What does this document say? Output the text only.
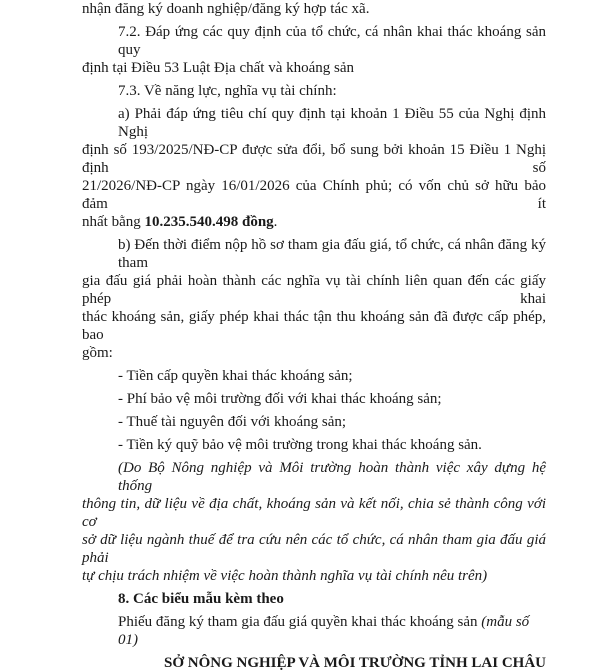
nhận đăng ký doanh nghiệp/đăng ký hợp tác xã.
7.2. Đáp ứng các quy định của tổ chức, cá nhân khai thác khoáng sản quy
định tại Điều 53 Luật Địa chất và khoáng sản
7.3. Về năng lực, nghĩa vụ tài chính:
a) Phải đáp ứng tiêu chí quy định tại khoản 1 Điều 55 của Nghị định Nghị
định số 193/2025/NĐ-CP được sửa đổi, bổ sung bởi khoản 15 Điều 1 Nghị định số
21/2026/NĐ-CP ngày 16/01/2026 của Chính phủ; có vốn chủ sở hữu bảo đảm ít
nhất bằng 10.235.540.498 đồng.
b) Đến thời điểm nộp hồ sơ tham gia đấu giá, tổ chức, cá nhân đăng ký tham
gia đấu giá phải hoàn thành các nghĩa vụ tài chính liên quan đến các giấy phép khai
thác khoáng sản, giấy phép khai thác tận thu khoáng sản đã được cấp phép, bao
gồm:
- Tiền cấp quyền khai thác khoáng sản;
- Phí bảo vệ môi trường đối với khai thác khoáng sản;
- Thuế tài nguyên đối với khoáng sản;
- Tiền ký quỹ bảo vệ môi trường trong khai thác khoáng sản.
(Do Bộ Nông nghiệp và Môi trường hoàn thành việc xây dựng hệ thống
thông tin, dữ liệu về địa chất, khoáng sản và kết nối, chia sẻ thành công với cơ
sở dữ liệu ngành thuế để tra cứu nên các tổ chức, cá nhân tham gia đấu giá phải
tự chịu trách nhiệm về việc hoàn thành nghĩa vụ tài chính nêu trên)
8. Các biểu mẫu kèm theo
Phiếu đăng ký tham gia đấu giá quyền khai thác khoáng sản (mẫu số 01)
SỞ NÔNG NGHIỆP VÀ MÔI TRƯỜNG TỈNH LAI CHÂU
